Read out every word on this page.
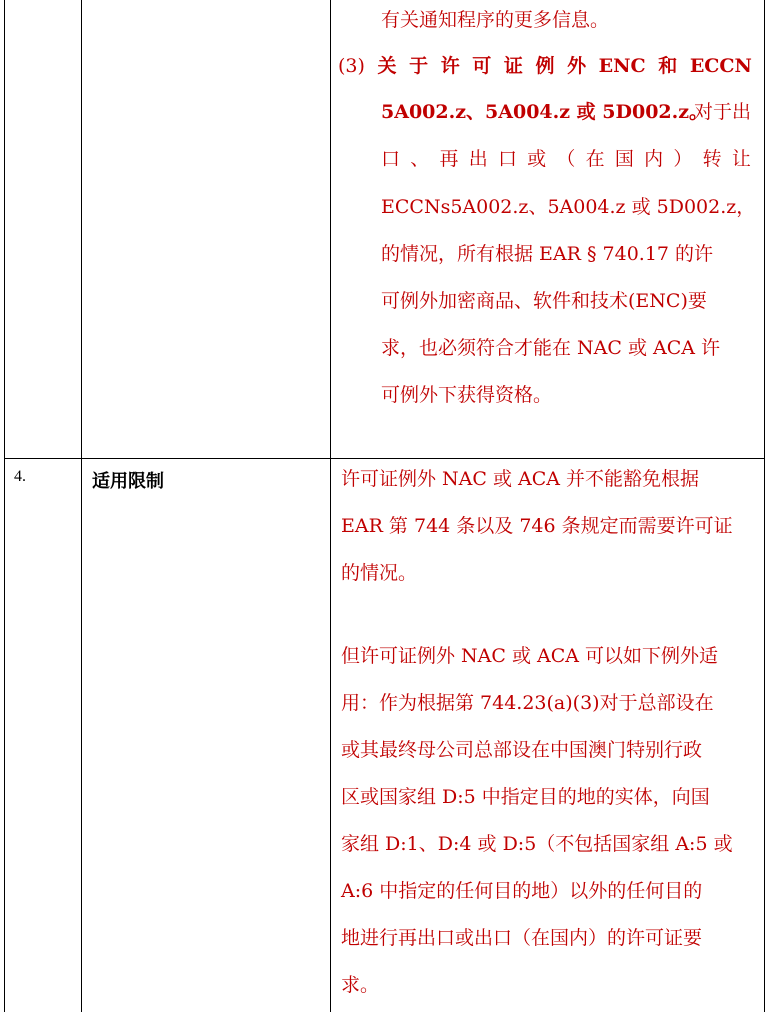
有关通知程序的更多信息。
(3) 关 于 许 可 证 例 外 ENC 和 ECCN
5A002.z、5A004.z 或 5D002.z。
对于出
口 、 再 出 口 或 （ 在 国 内 ） 转 让
ECCNs5A002.z、5A004.z 或 5D002.z，
的情况，所有根据 EAR § 740.17 的许
可例外加密商品、软件和技术(ENC)要
求，也必须符合才能在 NAC 或 ACA 许
可例外下获得资格。
4.	适用限制	许可证例外 NAC 或 ACA 并不能豁免根据
EAR 第 744 条以及 746 条规定而需要许可证
的情况。
但许可证例外 NAC 或 ACA 可以如下例外适
用：作为根据第 744.23(a)(3)对于总部设在
或其最终母公司总部设在中国澳门特别行政
区或国家组 D:5 中指定目的地的实体，向国
家组 D:1、D:4 或 D:5（不包括国家组 A:5 或
A:6 中指定的任何目的地）以外的任何目的
地进行再出口或出口（在国内）的许可证要
求。
